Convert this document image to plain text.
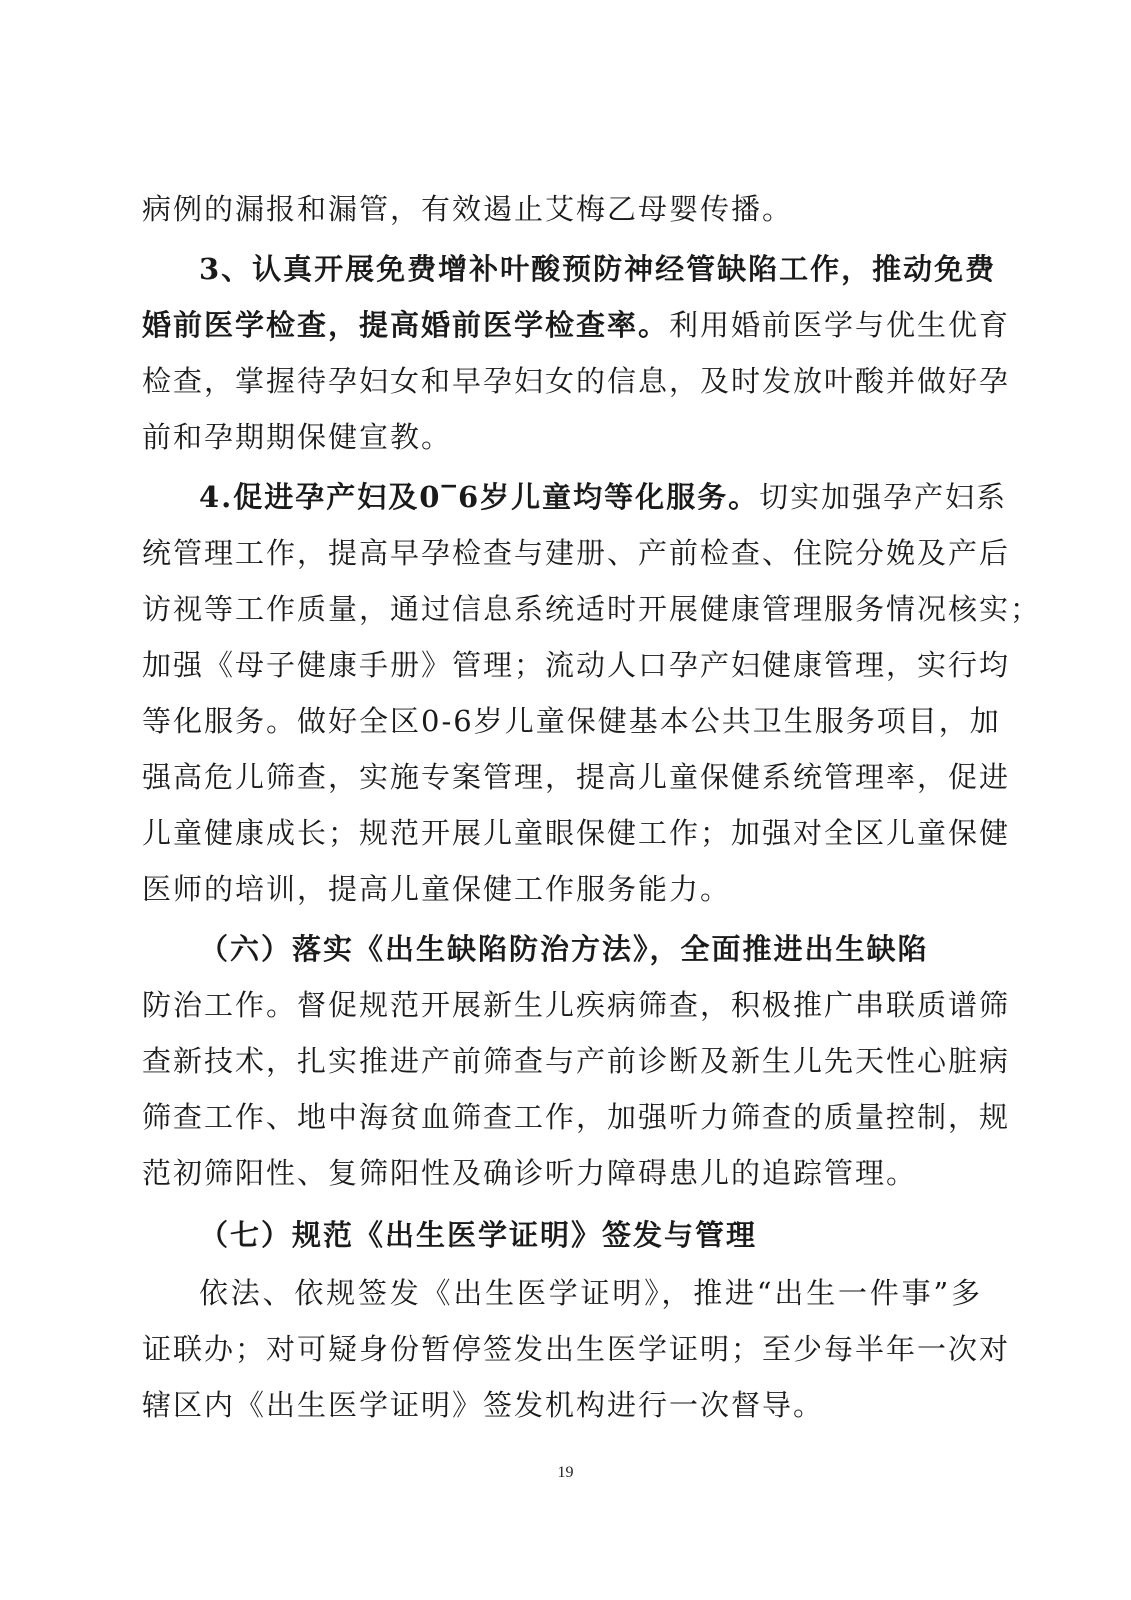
病例的漏报和漏管，有效遏止艾梅乙母婴传播。
3、认真开展免费增补叶酸预防神经管缺陷工作，推动免费
婚前医学检查，提高婚前医学检查率。利用婚前医学与优生优育
检查，掌握待孕妇女和早孕妇女的信息，及时发放叶酸并做好孕
前和孕期期保健宣教。
4.促进孕产妇及0‾6岁儿童均等化服务。切实加强孕产妇系
统管理工作，提高早孕检查与建册、产前检查、住院分娩及产后
访视等工作质量，通过信息系统适时开展健康管理服务情况核实；
加强《母子健康手册》管理；流动人口孕产妇健康管理，实行均
等化服务。做好全区0-6岁儿童保健基本公共卫生服务项目，加
强高危儿筛查，实施专案管理，提高儿童保健系统管理率，促进
儿童健康成长；规范开展儿童眼保健工作；加强对全区儿童保健
医师的培训，提高儿童保健工作服务能力。
（六）落实《出生缺陷防治方法》，全面推进出生缺陷
防治工作。督促规范开展新生儿疾病筛查，积极推广串联质谱筛
查新技术，扎实推进产前筛查与产前诊断及新生儿先天性心脏病
筛查工作、地中海贫血筛查工作，加强听力筛查的质量控制，规
范初筛阳性、复筛阳性及确诊听力障碍患儿的追踪管理。
（七）规范《出生医学证明》签发与管理
依法、依规签发《出生医学证明》，推进“出生一件事”多
证联办；对可疑身份暂停签发出生医学证明；至少每半年一次对
辖区内《出生医学证明》签发机构进行一次督导。
19
